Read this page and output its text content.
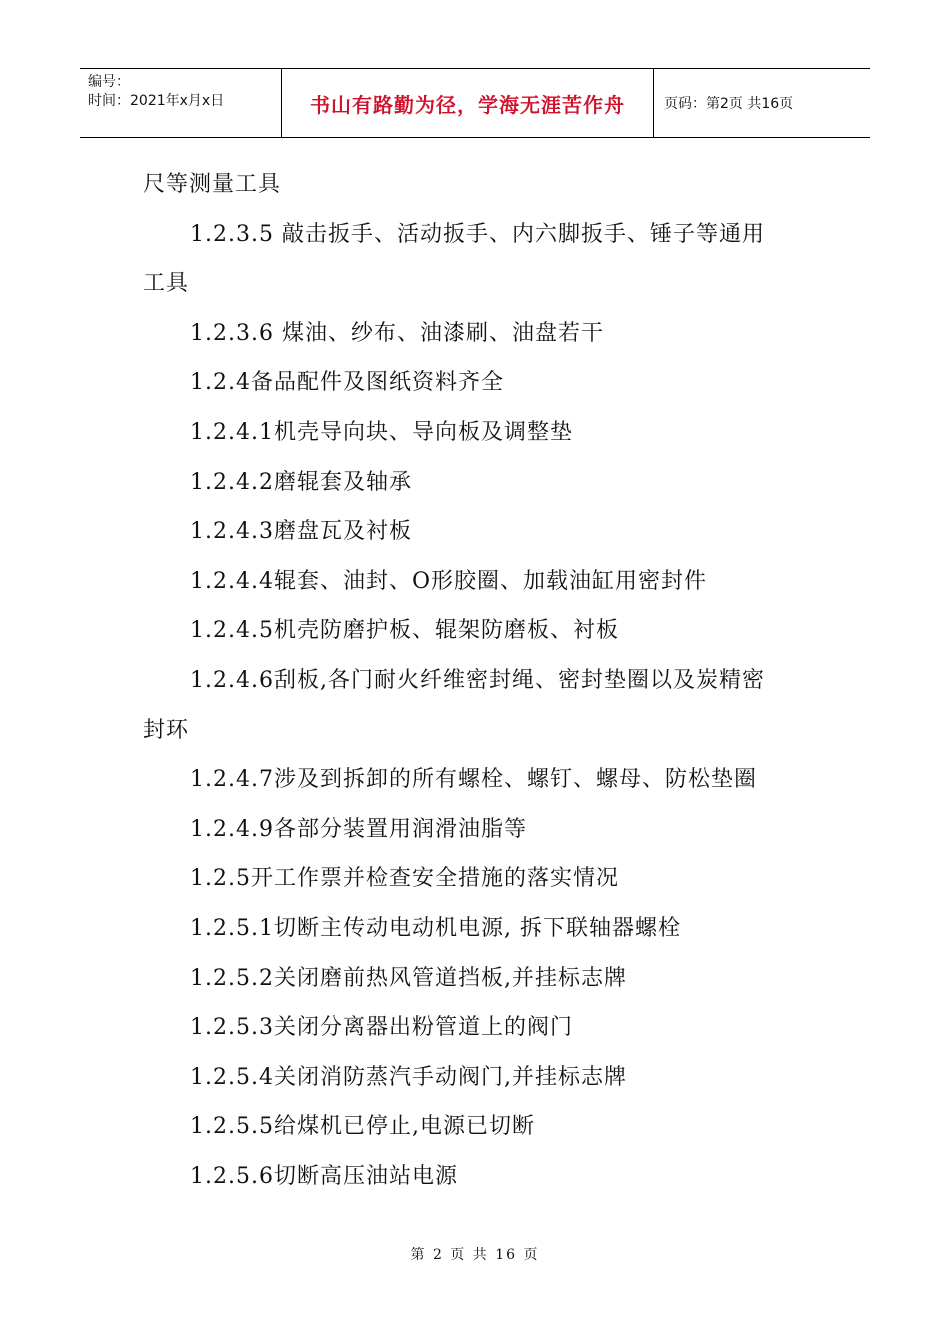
编号：
时间：2021年x月x日	书山有路勤为径，学海无涯苦作舟	页码：第2页 共16页
尺等测量工具
1.2.3.5 敲击扳手、活动扳手、内六脚扳手、锤子等通用
工具
1.2.3.6 煤油、纱布、油漆刷、油盘若干
1.2.4备品配件及图纸资料齐全
1.2.4.1机壳导向块、导向板及调整垫
1.2.4.2磨辊套及轴承
1.2.4.3磨盘瓦及衬板
1.2.4.4辊套、油封、O形胶圈、加载油缸用密封件
1.2.4.5机壳防磨护板、辊架防磨板、衬板
1.2.4.6刮板,各门耐火纤维密封绳、密封垫圈以及炭精密
封环
1.2.4.7涉及到拆卸的所有螺栓、螺钉、螺母、防松垫圈
1.2.4.9各部分装置用润滑油脂等
1.2.5开工作票并检查安全措施的落实情况
1.2.5.1切断主传动电动机电源, 拆下联轴器螺栓
1.2.5.2关闭磨前热风管道挡板,并挂标志牌
1.2.5.3关闭分离器出粉管道上的阀门
1.2.5.4关闭消防蒸汽手动阀门,并挂标志牌
1.2.5.5给煤机已停止,电源已切断
1.2.5.6切断高压油站电源
第 2 页 共 16 页
